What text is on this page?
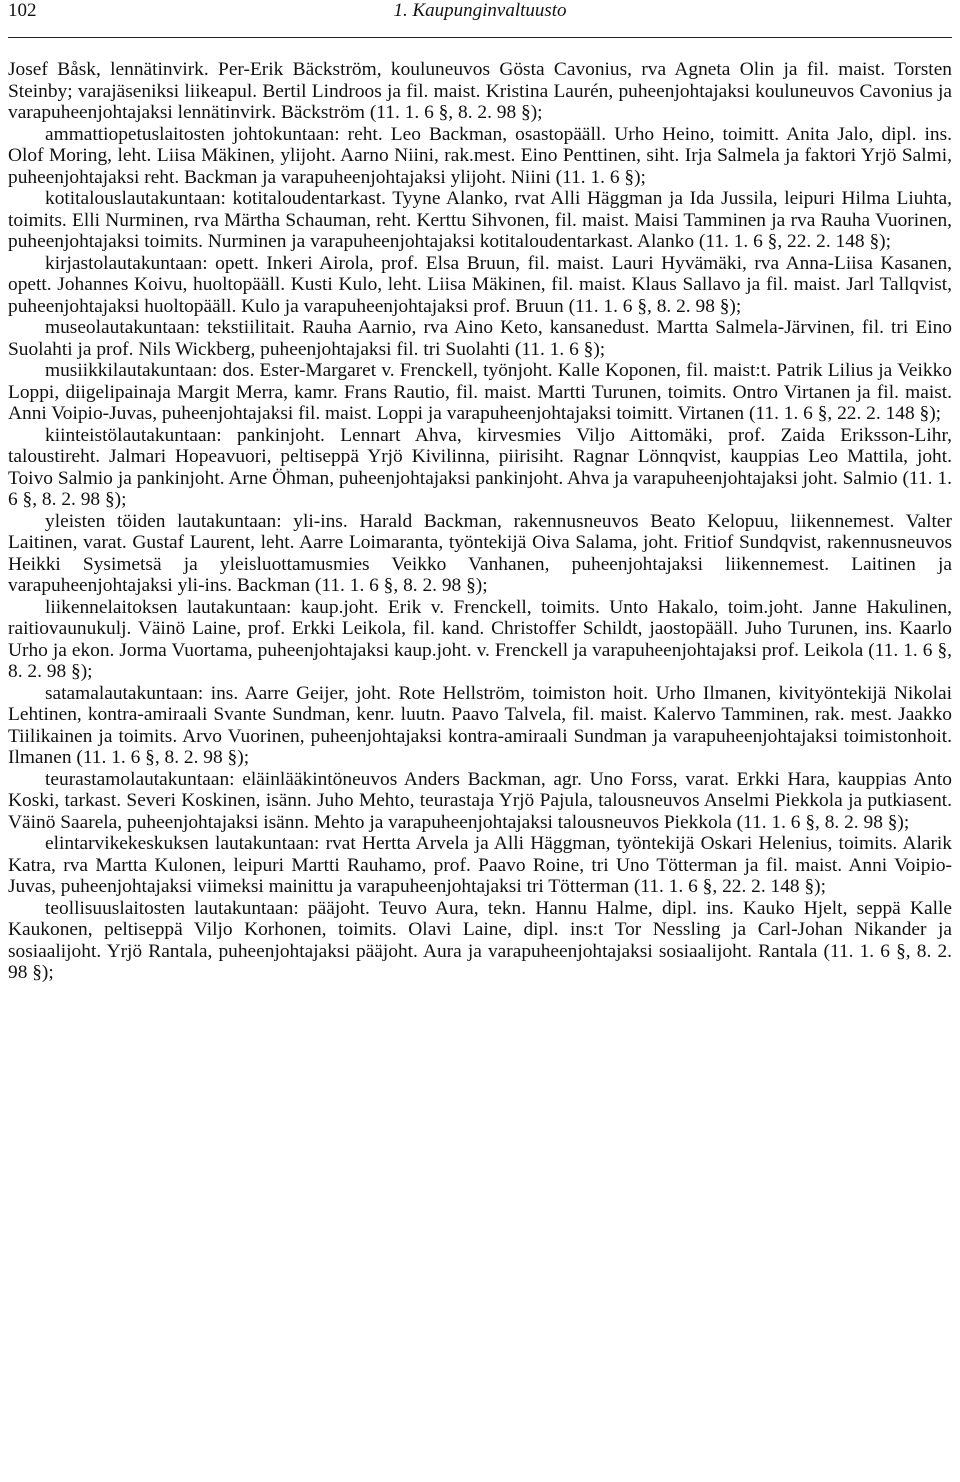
102	1. Kaupunginvaltuusto

Josef Båsk, lennätinvirk. Per-Erik Bäckström, kouluneuvos Gösta Cavonius, rva Agneta Olin ja fil. maist. Torsten Steinby; varajäseniksi liikeapul. Bertil Lindroos ja fil. maist. Kristina Laurén, puheenjohtajaksi kouluneuvos Cavonius ja varapuheenjohtajaksi lennätinvirk. Bäckström (11. 1. 6 §, 8. 2. 98 §);

ammattiopetuslaitosten johtokuntaan: reht. Leo Backman, osastopääll. Urho Heino, toimitt. Anita Jalo, dipl. ins. Olof Moring, leht. Liisa Mäkinen, ylijoht. Aarno Niini, rak.mest. Eino Penttinen, siht. Irja Salmela ja faktori Yrjö Salmi, puheenjohtajaksi reht. Backman ja varapuheenjohtajaksi ylijoht. Niini (11. 1. 6 §);

kotitalouslautakuntaan: kotitaloudentarkast. Tyyne Alanko, rvat Alli Häggman ja Ida Jussila, leipuri Hilma Liuhta, toimits. Elli Nurminen, rva Märtha Schauman, reht. Kerttu Sihvonen, fil. maist. Maisi Tamminen ja rva Rauha Vuorinen, puheenjohtajaksi toimits. Nurminen ja varapuheenjohtajaksi kotitaloudentarkast. Alanko (11. 1. 6 §, 22. 2. 148 §);

kirjastolautakuntaan: opett. Inkeri Airola, prof. Elsa Bruun, fil. maist. Lauri Hyvämäki, rva Anna-Liisa Kasanen, opett. Johannes Koivu, huoltopääll. Kusti Kulo, leht. Liisa Mäkinen, fil. maist. Klaus Sallavo ja fil. maist. Jarl Tallqvist, puheenjohtajaksi huoltopääll. Kulo ja varapuheenjohtajaksi prof. Bruun (11. 1. 6 §, 8. 2. 98 §);

museolautakuntaan: tekstiilitait. Rauha Aarnio, rva Aino Keto, kansanedust. Martta Salmela-Järvinen, fil. tri Eino Suolahti ja prof. Nils Wickberg, puheenjohtajaksi fil. tri Suolahti (11. 1. 6 §);

musiikkilautakuntaan: dos. Ester-Margaret v. Frenckell, työnjoht. Kalle Koponen, fil. maist:t. Patrik Lilius ja Veikko Loppi, diigelipainaja Margit Merra, kamr. Frans Rautio, fil. maist. Martti Turunen, toimits. Ontro Virtanen ja fil. maist. Anni Voipio-Juvas, puheenjohtajaksi fil. maist. Loppi ja varapuheenjohtajaksi toimitt. Virtanen (11. 1. 6 §, 22. 2. 148 §);

kiinteistölautakuntaan: pankinjoht. Lennart Ahva, kirvesmies Viljo Aittomäki, prof. Zaida Eriksson-Lihr, taloustireht. Jalmari Hopeavuori, peltiseppä Yrjö Kivilinna, piirisiht. Ragnar Lönnqvist, kauppias Leo Mattila, joht. Toivo Salmio ja pankinjoht. Arne Öhman, puheenjohtajaksi pankinjoht. Ahva ja varapuheenjohtajaksi joht. Salmio (11. 1. 6 §, 8. 2. 98 §);

yleisten töiden lautakuntaan: yli-ins. Harald Backman, rakennusneuvos Beato Kelopuu, liikennemest. Valter Laitinen, varat. Gustaf Laurent, leht. Aarre Loimaranta, työntekijä Oiva Salama, joht. Fritiof Sundqvist, rakennusneuvos Heikki Sysimetsä ja yleisluottamusmies Veikko Vanhanen, puheenjohtajaksi liikennemest. Laitinen ja varapuheenjohtajaksi yli-ins. Backman (11. 1. 6 §, 8. 2. 98 §);

liikennelaitoksen lautakuntaan: kaup.joht. Erik v. Frenckell, toimits. Unto Hakalo, toim.joht. Janne Hakulinen, raitiovaunukulj. Väinö Laine, prof. Erkki Leikola, fil. kand. Christoffer Schildt, jaostopääll. Juho Turunen, ins. Kaarlo Urho ja ekon. Jorma Vuortama, puheenjohtajaksi kaup.joht. v. Frenckell ja varapuheenjohtajaksi prof. Leikola (11. 1. 6 §, 8. 2. 98 §);

satamalautakuntaan: ins. Aarre Geijer, joht. Rote Hellström, toimiston hoit. Urho Ilmanen, kivityöntekijä Nikolai Lehtinen, kontra-amiraali Svante Sundman, kenr. luutn. Paavo Talvela, fil. maist. Kalervo Tamminen, rak. mest. Jaakko Tiilikainen ja toimits. Arvo Vuorinen, puheenjohtajaksi kontra-amiraali Sundman ja varapuheenjohtajaksi toimistonhoit. Ilmanen (11. 1. 6 §, 8. 2. 98 §);

teurastamolautakuntaan: eläinlääkintöneuvos Anders Backman, agr. Uno Forss, varat. Erkki Hara, kauppias Anto Koski, tarkast. Severi Koskinen, isänn. Juho Mehto, teurastaja Yrjö Pajula, talousneuvos Anselmi Piekkola ja putkiasent. Väinö Saarela, puheenjohtajaksi isänn. Mehto ja varapuheenjohtajaksi talousneuvos Piekkola (11. 1. 6 §, 8. 2. 98 §);

elintarvikekeskuksen lautakuntaan: rvat Hertta Arvela ja Alli Häggman, työntekijä Oskari Helenius, toimits. Alarik Katra, rva Martta Kulonen, leipuri Martti Rauhamo, prof. Paavo Roine, tri Uno Tötterman ja fil. maist. Anni Voipio-Juvas, puheenjohtajaksi viimeksi mainittu ja varapuheenjohtajaksi tri Tötterman (11. 1. 6 §, 22. 2. 148 §);

teollisuuslaitosten lautakuntaan: pääjoht. Teuvo Aura, tekn. Hannu Halme, dipl. ins. Kauko Hjelt, seppä Kalle Kaukonen, peltiseppä Viljo Korhonen, toimits. Olavi Laine, dipl. ins:t Tor Nessling ja Carl-Johan Nikander ja sosiaalijoht. Yrjö Rantala, puheenjohtajaksi pääjoht. Aura ja varapuheenjohtajaksi sosiaalijoht. Rantala (11. 1. 6 §, 8. 2. 98 §);
